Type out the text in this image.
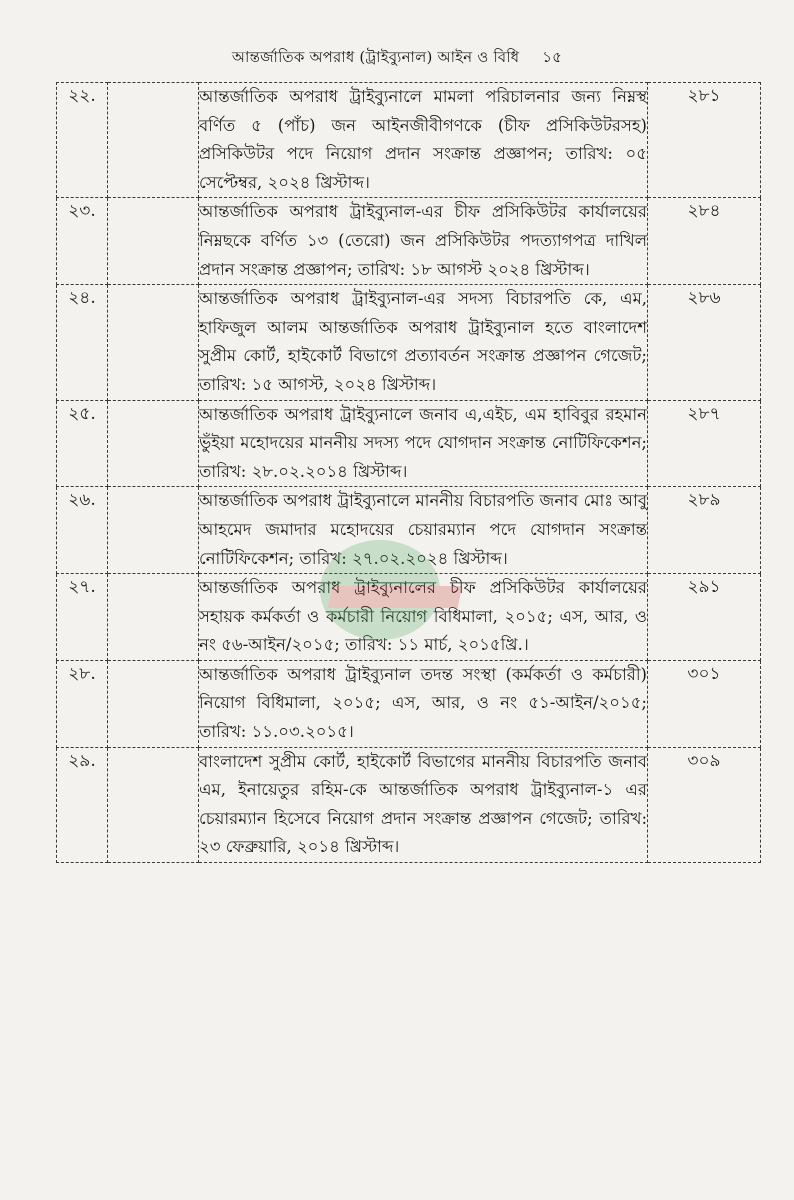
আন্তর্জাতিক অপরাধ (ট্রাইব্যুনাল) আইন ও বিধি ১৫
২২.		আন্তর্জাতিক অপরাধ ট্রাইব্যুনালে মামলা পরিচালনার জন্য নিম্নস্থ বর্ণিত ৫ (পাঁচ) জন আইনজীবীগণকে (চীফ প্রসিকিউটরসহ) প্রসিকিউটর পদে নিয়োগ প্রদান সংক্রান্ত প্রজ্ঞাপন; তারিখ: ০৫ সেপ্টেম্বর, ২০২৪ খ্রিস্টাব্দ।	২৮১
২৩.		আন্তর্জাতিক অপরাধ ট্রাইব্যুনাল-এর চীফ প্রসিকিউটর কার্যালয়ের নিম্নছকে বর্ণিত ১৩ (তেরো) জন প্রসিকিউটর পদত্যাগপত্র দাখিল প্রদান সংক্রান্ত প্রজ্ঞাপন; তারিখ: ১৮ আগস্ট ২০২৪ খ্রিস্টাব্দ।	২৮৪
২৪.		আন্তর্জাতিক অপরাধ ট্রাইব্যুনাল-এর সদস্য বিচারপতি কে, এম, হাফিজুল আলম আন্তর্জাতিক অপরাধ ট্রাইব্যুনাল হতে বাংলাদেশ সুপ্রীম কোর্ট, হাইকোর্ট বিভাগে প্রত্যাবর্তন সংক্রান্ত প্রজ্ঞাপন গেজেট; তারিখ: ১৫ আগস্ট, ২০২৪ খ্রিস্টাব্দ।	২৮৬
২৫.		আন্তর্জাতিক অপরাধ ট্রাইব্যুনালে জনাব এ,এইচ, এম হাবিবুর রহমান ভুঁইয়া মহোদয়ের মাননীয় সদস্য পদে যোগদান সংক্রান্ত নোটিফিকেশন; তারিখ: ২৮.০২.২০১৪ খ্রিস্টাব্দ।	২৮৭
২৬.		আন্তর্জাতিক অপরাধ ট্রাইব্যুনালে মাননীয় বিচারপতি জনাব মোঃ আবু আহমেদ জমাদার মহোদয়ের চেয়ারম্যান পদে যোগদান সংক্রান্ত নোটিফিকেশন; তারিখ: ২৭.০২.২০২৪ খ্রিস্টাব্দ।	২৮৯
২৭.		আন্তর্জাতিক অপরাধ ট্রাইব্যুনালের চীফ প্রসিকিউটর কার্যালয়ের সহায়ক কর্মকর্তা ও কর্মচারী নিয়োগ বিধিমালা, ২০১৫; এস, আর, ও নং ৫৬-আইন/২০১৫; তারিখ: ১১ মার্চ, ২০১৫খ্রি.।	২৯১
২৮.		আন্তর্জাতিক অপরাধ ট্রাইব্যুনাল তদন্ত সংস্থা (কর্মকর্তা ও কর্মচারী) নিয়োগ বিধিমালা, ২০১৫; এস, আর, ও নং ৫১-আইন/২০১৫; তারিখ: ১১.০৩.২০১৫।	৩০১
২৯.		বাংলাদেশ সুপ্রীম কোর্ট, হাইকোর্ট বিভাগের মাননীয় বিচারপতি জনাব এম, ইনায়েতুর রহিম-কে আন্তর্জাতিক অপরাধ ট্রাইব্যুনাল-১ এর চেয়ারম্যান হিসেবে নিয়োগ প্রদান সংক্রান্ত প্রজ্ঞাপন গেজেট; তারিখ: ২৩ ফেব্রুয়ারি, ২০১৪ খ্রিস্টাব্দ।	৩০৯
